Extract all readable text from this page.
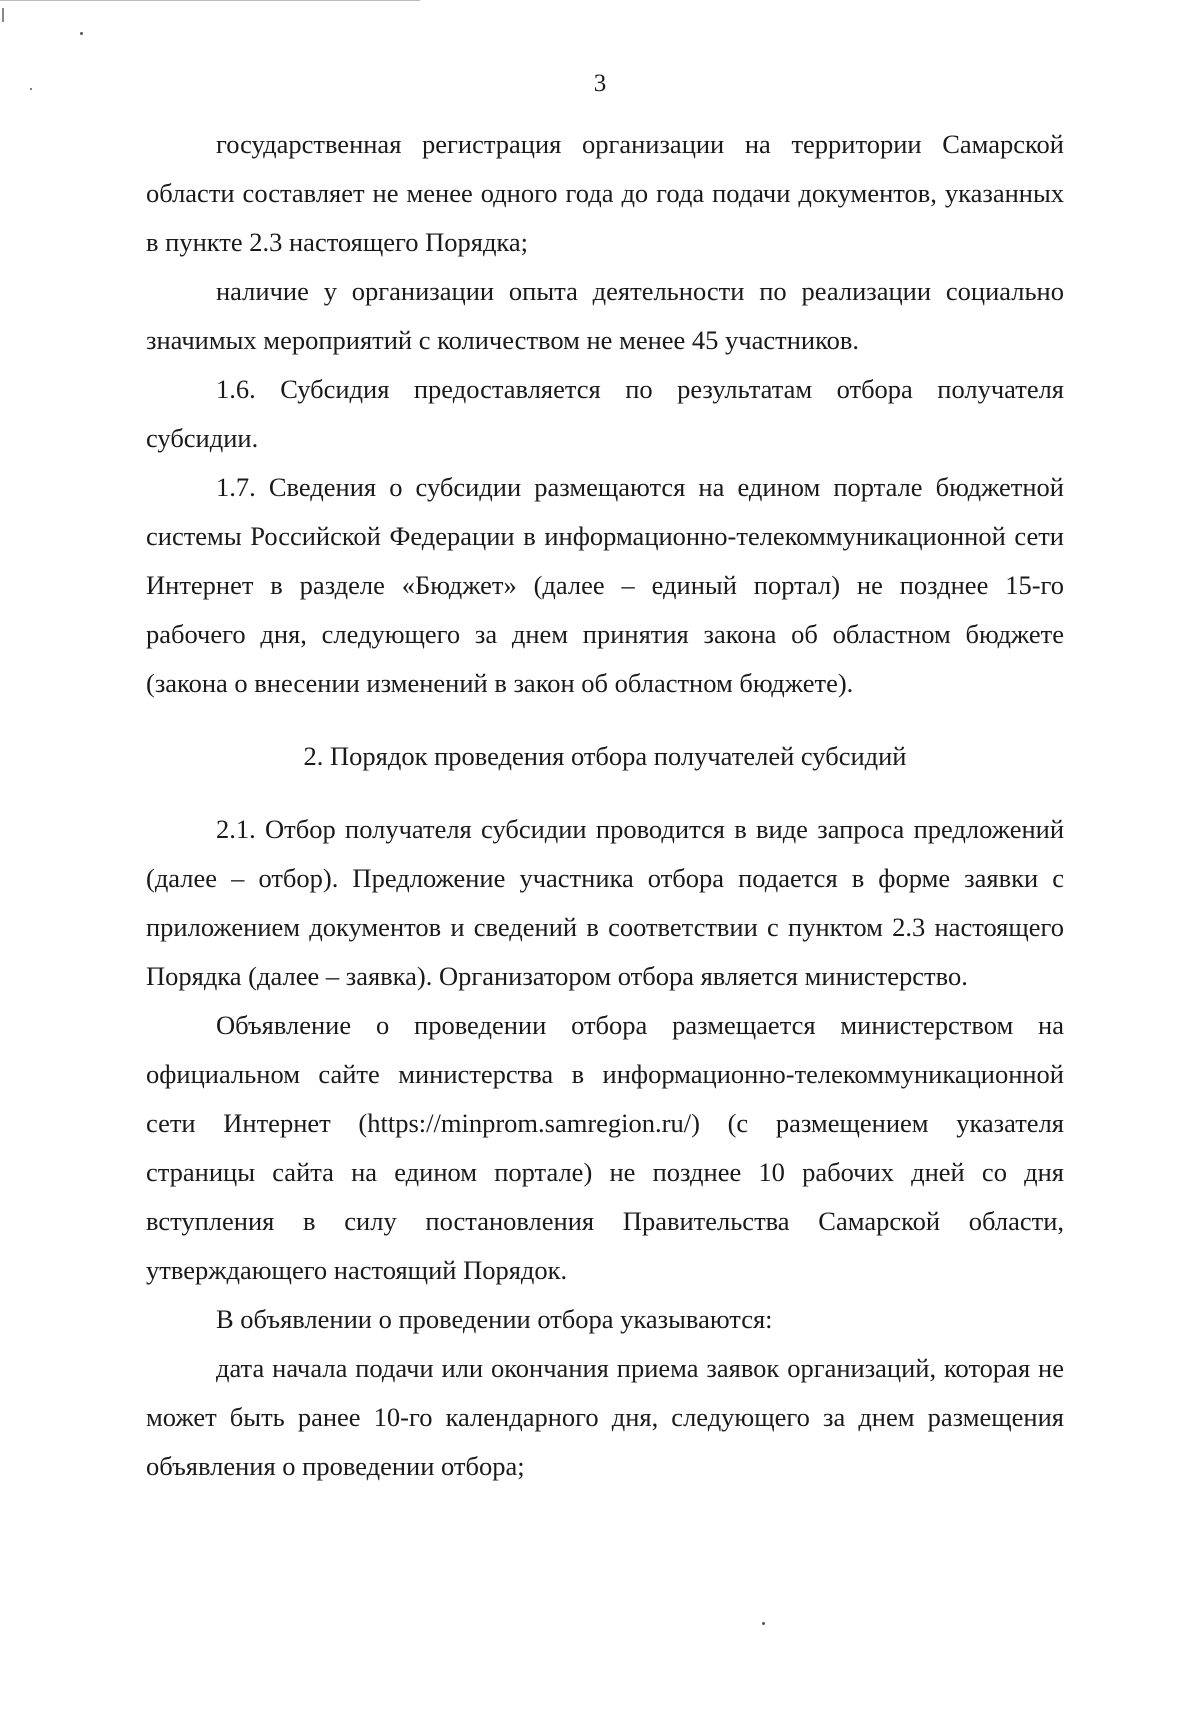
3

государственная регистрация организации на территории Самарской области составляет не менее одного года до года подачи документов, указанных в пункте 2.3 настоящего Порядка;

наличие у организации опыта деятельности по реализации социально значимых мероприятий с количеством не менее 45 участников.

1.6. Субсидия предоставляется по результатам отбора получателя субсидии.

1.7. Сведения о субсидии размещаются на едином портале бюджетной системы Российской Федерации в информационно-телекоммуникационной сети Интернет в разделе «Бюджет» (далее – единый портал) не позднее 15-го рабочего дня, следующего за днем принятия закона об областном бюджете (закона о внесении изменений в закон об областном бюджете).

2. Порядок проведения отбора получателей субсидий

2.1. Отбор получателя субсидии проводится в виде запроса предложений (далее – отбор). Предложение участника отбора подается в форме заявки с приложением документов и сведений в соответствии с пунктом 2.3 настоящего Порядка (далее – заявка). Организатором отбора является министерство.

Объявление о проведении отбора размещается министерством на официальном сайте министерства в информационно-телекоммуникационной сети Интернет (https://minprom.samregion.ru/) (с размещением указателя страницы сайта на едином портале) не позднее 10 рабочих дней со дня вступления в силу постановления Правительства Самарской области, утверждающего настоящий Порядок.

В объявлении о проведении отбора указываются:

дата начала подачи или окончания приема заявок организаций, которая не может быть ранее 10-го календарного дня, следующего за днем размещения объявления о проведении отбора;
